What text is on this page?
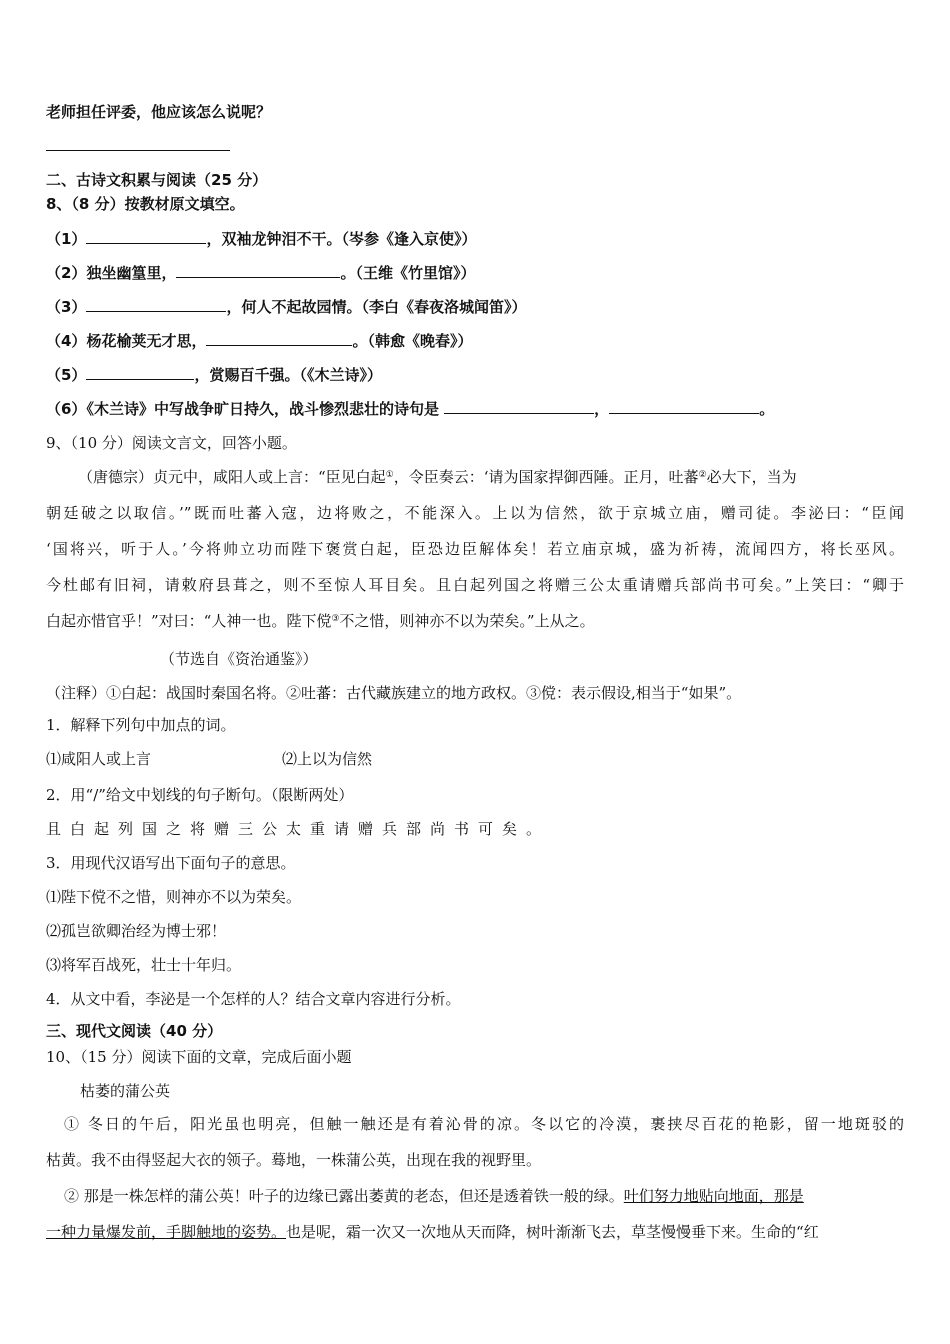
老师担任评委，他应该怎么说呢？
二、古诗文积累与阅读（25 分）
8、（8 分）按教材原文填空。
（1）	，双袖龙钟泪不干。（岑参《逢入京使》）
（2）独坐幽篁里，	。（王维《竹里馆》）
（3）	，何人不起故园情。（李白《春夜洛城闻笛》）
（4）杨花榆荚无才思，	。（韩愈《晚春》）
（5）	，赏赐百千强。（《木兰诗》）
（6）《木兰诗》中写战争旷日持久，战斗惨烈悲壮的诗句是	，	。
9、（10 分）阅读文言文，回答小题。
（唐德宗）贞元中，咸阳人或上言：“臣见白起①，令臣奏云：‘请为国家捍御西陲。正月，吐蕃②必大下，当为
朝廷破之以取信。’”既而吐蕃入寇，边将败之，不能深入。上以为信然，欲于京城立庙，赠司徒。李泌曰：“臣闻
‘国将兴，听于人。’今将帅立功而陛下褒赏白起，臣恐边臣解体矣！若立庙京城，盛为祈祷，流闻四方，将长巫风。
今杜邮有旧祠，请敕府县葺之，则不至惊人耳目矣。且白起列国之将赠三公太重请赠兵部尚书可矣。”上笑曰：“卿于
白起亦惜官乎！”对曰：“人神一也。陛下傥③不之惜，则神亦不以为荣矣。”上从之。
（节选自《资治通鉴》）
（注释）①白起：战国时秦国名将。②吐蕃：古代藏族建立的地方政权。③傥：表示假设,相当于“如果”。
1．解释下列句中加点的词。
⑴咸阳人或上言	⑵上以为信然
2．用“/”给文中划线的句子断句。（限断两处）
且白起列国之将赠三公太重请赠兵部尚书可矣。
3．用现代汉语写出下面句子的意思。
⑴陛下傥不之惜，则神亦不以为荣矣。
⑵孤岂欲卿治经为博士邪！
⑶将军百战死，壮士十年归。
4．从文中看，李泌是一个怎样的人？结合文章内容进行分析。
三、现代文阅读（40 分）
10、（15 分）阅读下面的文章，完成后面小题
枯萎的蒲公英
① 冬日的午后，阳光虽也明亮，但触一触还是有着沁骨的凉。冬以它的冷漠，裹挟尽百花的艳影，留一地斑驳的
枯黄。我不由得竖起大衣的领子。蓦地，一株蒲公英，出现在我的视野里。
② 那是一株怎样的蒲公英！叶子的边缘已露出萎黄的老态，但还是透着铁一般的绿。叶们努力地贴向地面，那是
一种力量爆发前，手脚触地的姿势。也是呢，霜一次又一次地从天而降，树叶渐渐飞去，草茎慢慢垂下来。生命的“红
